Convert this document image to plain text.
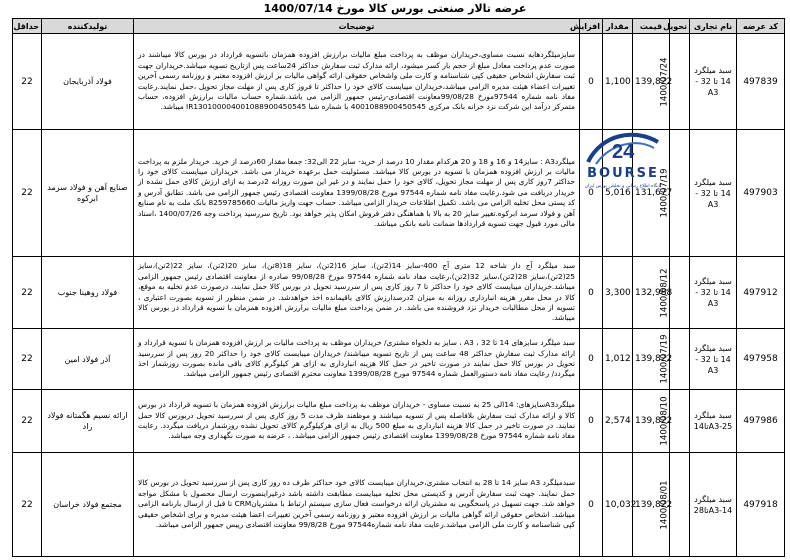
عرضه تالار صنعتی بورس کالا مورخ 1400/07/14
کد عرضه	نام تجاری	تحویل	قیمت	مقدار	افزایش	توضیحات	تولیدکننده	حداقل
497839	سبد میلگرد 14 تا 32 - A3	1400/07/24	139,822	1,100	0	سایزمیلگردهابه نسبت مساوی،خریداران موظف به پرداخت مبلغ مالیات برارزش افزوده همزمان باتسویه قرارداد در بورس کالا میباشند در صورت عدم پرداخت معادل مبلغ از حجم بار کسر میشود، ارائه مدارک ثبت سفارش حداکثر 24ساعت پس ازتاریخ تسویه میباشد.خریداران جهت ثبت سفارش اشخاص حقیقی کپی شناسنامه و کارت ملی واشخاص حقوقی ارائه گواهی مالیات بر ارزش افزوده معتبر و روزنامه رسمی آخرین تغییرات اعضاء هیئت مدیره الزامی میباشد،خریداران میبایست کالای خود را حداکثر تا فروز کاری پس از مهلت مجاز تحویل ،حمل نمایند.رعایت مفاد نامه شماره 97544مورخ 99/08/28معاونت اقتصادی-رئیس جمهور الزامی می باشد.شماره حساب مالیات برارزش افزوده، حساب متمرکز درآمد این شرکت نزد خزانه بانک مرکزی 4001088900450545 با شماره شبا IR130100004001088900450545 میباشد.	فولاد آذربایجان	22
497903	سبد میلگرد 14 تا 32 - A3	1400/07/19	131,677	5,016	0	میلگردA3 : سایز14 و 16 و 18 و 20 هرکدام مقدار 10 درصد از خرید- سایز 22 الی32: جمعا مقدار 60درصد از خرید. خریدار ملزم به پرداخت مالیات بر ارزش افزوده همزمان با تسویه در بورس کالا میباشد. مسئولیت حمل برعهده خریدار می باشد. خریداران میبایست کالای خود را حداکثر 7روز کاری پس از مهلت مجاز تحویل، کالای خود را حمل نمایند و در غیر این صورت روزانه 2درصد به ازای ارزش کالای حمل نشده از خریدار دریافت می شود.رعایت مفاد نامه شماره 97544 مورخ 1399/08/28 معاونت اقتصادی رئیس جمهور الزامی می باشد. تطابق آدرس و کد پستی محل تخلیه الزامی می باشد. تکمیل اطلاعات خریدار الزامی میباشد. حساب جهت واریز مالیات 8259785660 بانک ملت به نام صنایع آهن و فولاد سرمد ابرکوه.تغییر سایز 20 به بالا با هماهنگی دفتر فروش امکان پذیر خواهد بود. تاریخ سررسید پرداخت وجه 1400/07/26 ،اسناد مالی مورد قبول جهت تسویه قراردادها ضمانت نامه بانکی میباشد.	صنایع آهن و فولاد سرمد ابرکوه	22
497912	سبد میلگرد 14 تا 32 - A3	1400/08/12	132,988	3,300	0	سبد میلگرد آج دار شاخه 12 متری آج 400-سایز 14(2تن)، سایز 16(2تن)، سایز 18(8تن)، سایز 20(2تن)، سایز 22(2تن)،سایز 25(2تن)،سایز 28(2تن)،سایز 32(2تن)،رعایت مفاد نامه شماره 97544 مورخ 99/08/28 صادره از معاونت اقتصادی رئیس جمهور الزامی میباشد.خریداران میبایست کالای خود را حداکثر تا 7 روز کاری پس از سررسید تحویل در بورس کالا حمل نمایند، درصورت عدم تخلیه به موقع، کالا در محل مقرر هزینه انبارداری روزانه به میزان 2درصدارزش کالای باقیمانده اخذ خواهدشد. در ضمن منظور از تسویه بصورت اعتباری ، تسویه از محل مطالبات خریدار نزد فروشنده می باشد. در ضمن پرداخت مبلغ مالیات برارزش افزوده همزمان با تسویه قرارداد در بورس کالا میباشد.	فولاد روهینا جنوب	22
497958	سبد میلگرد 14 تا 32 - A3	1400/07/19	139,822	1,012	0	سبد میلگرد سایزهای 14 تا 32 ، A3 ، سایز به دلخواه مشتری/ خریداران موظف به پرداخت مالیات بر ارزش افزوده همزمان با تسویه قرارداد و ارائه مدارک ثبت سفارش حداکثر 48 ساعت پس از تاریخ تسویه میباشند/ خریداران میبایست کالای خود را حداکثر 20 روز پس از سررسید تحویل در بورس کالا حمل نمایند در صورت تاخیر در حمل کالا هزینه انبارداری به ازای هر کیلوگرم کالای باقی مانده بصورت روزشمار اخذ میگردد/ رعایت مفاد نامه دستورالعمل شماره 97544 مورخ 1399/08/28 معاونت محترم اقتصادی رئیس جمهور الزامی میباشد.	آذر فولاد امین	22
497986	سبد میلگرد A3-25تا14	1400/08/10	139,822	2,574	0	میلگردA3سایزهای: 14الی 25 به نسبت مساوی - خریداران موظف به پرداخت مبلغ مالیات برارزش افزوده همزمان با تسویه قرارداد در بورس کالا و ارائه مدارک ثبت سفارش بلافاصله پس از تسویه میباشند و موظفند ظرف مدت 5 روز کاری پس از سررسید تحویل دربورس کالا حمل نمایند. در صورت تاخیر در حمل کالا هزینه انبارداری به مبلغ 500 ریال به ازای هرکیلوگرم کالای تحویل نشده روزشمار دریافت میگردد. رعایت مفاد نامه شماره 97544 مورخ 1399/08/28 معاونت اقتصادی رئیس جمهور الزامی میباشد. ، عرضه به صورت نگهداری وجه میباشد.	ارائه نسیم هگمتانه فولاد راد	22
497918	سبد میلگرد A3-14تا28	1400/08/01	139,822	10,032	0	سبدمیلگرد A3 سایز 14 تا 28 به انتخاب مشتری،خریداران میبایست کالای خود حداکثر ظرف ده روز کاری پس از سررسید تحویل در بورس کالا حمل نمایند. جهت ثبت سفارش آدرس و کدپستی محل تخلیه میبایست مطابقت داشته باشد درغیراینصورت ارسال محصول با مشکل مواجه خواهد شد. جهت تسهیل در پاسخگویی به مشتریان ارائه درخواست فعال سازی سیستم ارتباط با مشتریانCRM تا قبل از ارسال بارنامه الزامی میباشد. اشخاص حقوقی ارائه گواهی مالیات بر ارزش افزوده معتبر و روزنامه رسمی آخرین تغییرات اعضا هیئت مدیره و برای اشخاص حقیقی کپی شناسنامه و کارت ملی الزامی میباشد.رعایت مفاد نامه شماره97544 مورخ 99/8/28 معاونت اقتصادی رییس جمهور الزامی میباشد.	مجتمع فولاد خراسان	22
24
BOURSE
پایگاه اطلاع رسانی و تحلیلی بورس ایران
